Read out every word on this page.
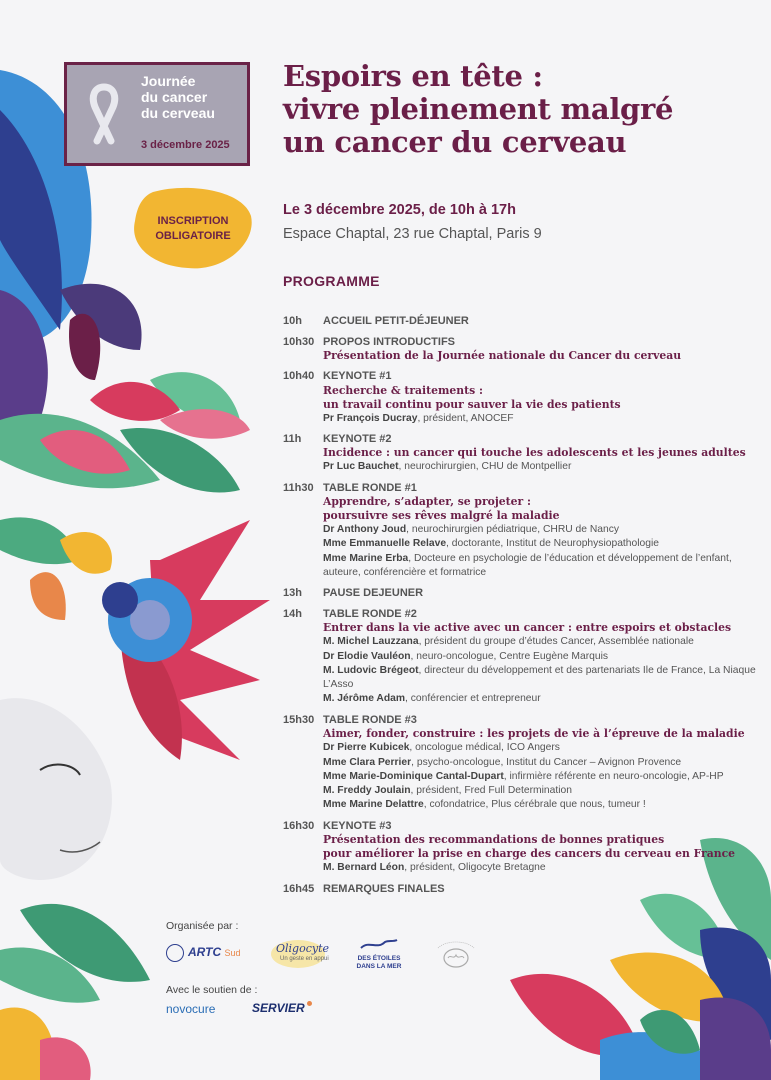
Journée
du cancer
du cerveau
3 décembre 2025
INSCRIPTION
OBLIGATOIRE
Espoirs en tête :
vivre pleinement malgré
un cancer du cerveau
Le 3 décembre 2025, de 10h à 17h
Espace Chaptal, 23 rue Chaptal, Paris 9
PROGRAMME
10h	ACCUEIL PETIT-DÉJEUNER
10h30 PROPOS INTRODUCTIFS
Présentation de la Journée nationale du Cancer du cerveau
10h40 KEYNOTE #1
Recherche & traitements :
un travail continu pour sauver la vie des patients
Pr François Ducray, président, ANOCEF
11h	KEYNOTE #2
Incidence : un cancer qui touche les adolescents et les jeunes adultes
Pr Luc Bauchet, neurochirurgien, CHU de Montpellier
11h30 TABLE RONDE #1
Apprendre, s’adapter, se projeter :
poursuivre ses rêves malgré la maladie
Dr Anthony Joud, neurochirurgien pédiatrique, CHRU de Nancy
Mme Emmanuelle Relave, doctorante, Institut de Neurophysiopathologie
Mme Marine Erba, Docteure en psychologie de l’éducation et développement de l’enfant, auteure, conférencière et formatrice
13h	PAUSE DEJEUNER
14h	TABLE RONDE #2
Entrer dans la vie active avec un cancer : entre espoirs et obstacles
M. Michel Lauzzana, président du groupe d’études Cancer, Assemblée nationale
Dr Elodie Vauléon, neuro-oncologue, Centre Eugène Marquis
M. Ludovic Brégeot, directeur du développement et des partenariats Ile de France, La Niaque L’Asso
M. Jérôme Adam, conférencier et entrepreneur
15h30 TABLE RONDE #3
Aimer, fonder, construire : les projets de vie à l’épreuve de la maladie
Dr Pierre Kubicek, oncologue médical, ICO Angers
Mme Clara Perrier, psycho-oncologue, Institut du Cancer – Avignon Provence
Mme Marie-Dominique Cantal-Dupart, infirmière référente en neuro-oncologie, AP-HP
M. Freddy Joulain, président, Fred Full Determination
Mme Marine Delattre, cofondatrice, Plus cérébrale que nous, tumeur !
16h30 KEYNOTE #3
Présentation des recommandations de bonnes pratiques
pour améliorer la prise en charge des cancers du cerveau en France
M. Bernard Léon, président, Oligocyte Bretagne
16h45 REMARQUES FINALES
Organisée par :
ARTC Sud	Oligocyte
Un geste en appui	DES ÉTOILES
DANS LA MER
Avec le soutien de :
novocure	SERVIER
